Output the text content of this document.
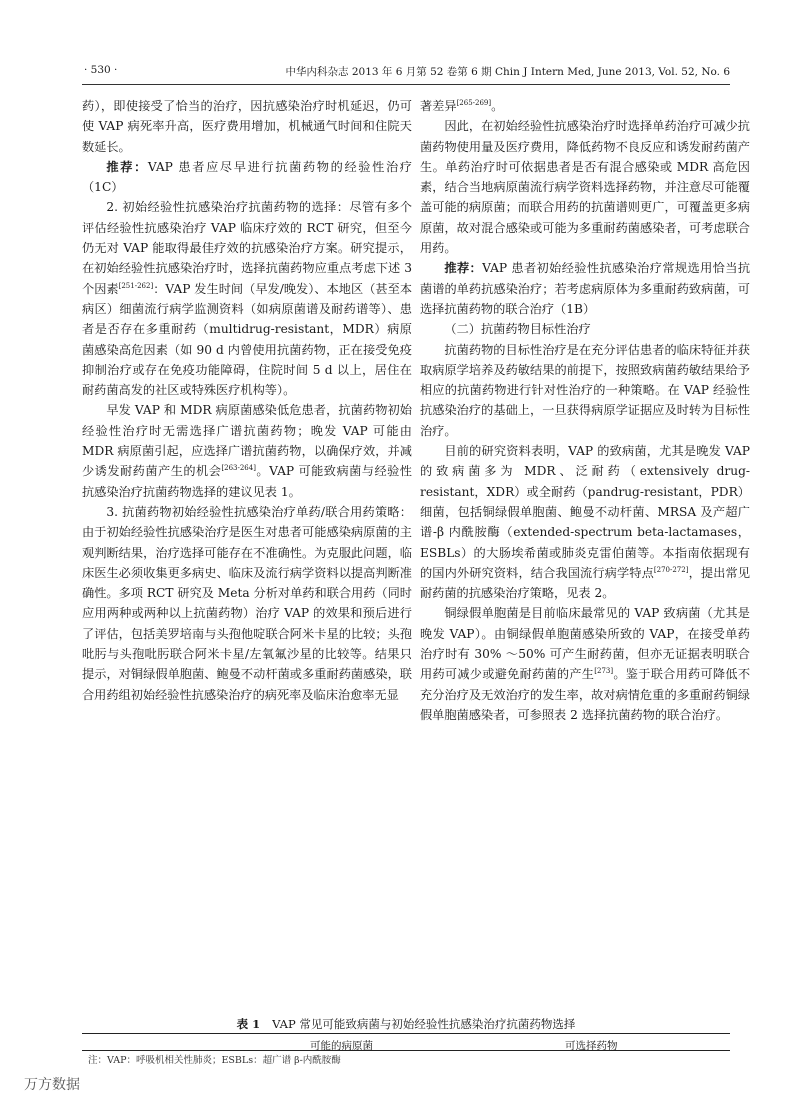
· 530 ·	中华内科杂志 2013 年 6 月第 52 卷第 6 期 Chin J Intern Med, June 2013, Vol. 52, No. 6

药），即使接受了恰当的治疗，因抗感染治疗时机延迟，仍可使 VAP 病死率升高，医疗费用增加，机械通气时间和住院天数延长。

推荐：VAP 患者应尽早进行抗菌药物的经验性治疗（1C）

2. 初始经验性抗感染治疗抗菌药物的选择：尽管有多个评估经验性抗感染治疗 VAP 临床疗效的 RCT 研究，但至今仍无对 VAP 能取得最佳疗效的抗感染治疗方案。研究提示，在初始经验性抗感染治疗时，选择抗菌药物应重点考虑下述 3 个因素[251-262]：VAP 发生时间（早发/晚发）、本地区（甚至本病区）细菌流行病学监测资料（如病原菌谱及耐药谱等）、患者是否存在多重耐药（multidrug-resistant，MDR）病原菌感染高危因素（如 90 d 内曾使用抗菌药物，正在接受免疫抑制治疗或存在免疫功能障碍，住院时间 5 d 以上，居住在耐药菌高发的社区或特殊医疗机构等）。

早发 VAP 和 MDR 病原菌感染低危患者，抗菌药物初始经验性治疗时无需选择广谱抗菌药物；晚发 VAP 可能由 MDR 病原菌引起，应选择广谱抗菌药物，以确保疗效，并减少诱发耐药菌产生的机会[263-264]。VAP 可能致病菌与经验性抗感染治疗抗菌药物选择的建议见表 1。

3. 抗菌药物初始经验性抗感染治疗单药/联合用药策略：由于初始经验性抗感染治疗是医生对患者可能感染病原菌的主观判断结果，治疗选择可能存在不准确性。为克服此问题，临床医生必须收集更多病史、临床及流行病学资料以提高判断准确性。多项 RCT 研究及 Meta 分析对单药和联合用药（同时应用两种或两种以上抗菌药物）治疗 VAP 的效果和预后进行了评估，包括美罗培南与头孢他啶联合阿米卡星的比较；头孢吡肟与头孢吡肟联合阿米卡星/左氧氟沙星的比较等。结果只提示，对铜绿假单胞菌、鲍曼不动杆菌或多重耐药菌感染，联合用药组初始经验性抗感染治疗的病死率及临床治愈率无显

著差异[265-269]。

因此，在初始经验性抗感染治疗时选择单药治疗可减少抗菌药物使用量及医疗费用，降低药物不良反应和诱发耐药菌产生。单药治疗时可依据患者是否有混合感染或 MDR 高危因素，结合当地病原菌流行病学资料选择药物，并注意尽可能覆盖可能的病原菌；而联合用药的抗菌谱则更广，可覆盖更多病原菌，故对混合感染或可能为多重耐药菌感染者，可考虑联合用药。

推荐：VAP 患者初始经验性抗感染治疗常规选用恰当抗菌谱的单药抗感染治疗；若考虑病原体为多重耐药致病菌，可选择抗菌药物的联合治疗（1B）

（二）抗菌药物目标性治疗

抗菌药物的目标性治疗是在充分评估患者的临床特征并获取病原学培养及药敏结果的前提下，按照致病菌药敏结果给予相应的抗菌药物进行针对性治疗的一种策略。在 VAP 经验性抗感染治疗的基础上，一旦获得病原学证据应及时转为目标性治疗。

目前的研究资料表明，VAP 的致病菌，尤其是晚发 VAP 的致病菌多为 MDR、泛耐药（extensively drug-resistant，XDR）或全耐药（pandrug-resistant，PDR）细菌，包括铜绿假单胞菌、鲍曼不动杆菌、MRSA 及产超广谱-β 内酰胺酶（extended-spectrum beta-lactamases，ESBLs）的大肠埃希菌或肺炎克雷伯菌等。本指南依据现有的国内外研究资料，结合我国流行病学特点[270-272]，提出常见耐药菌的抗感染治疗策略，见表 2。

铜绿假单胞菌是目前临床最常见的 VAP 致病菌（尤其是晚发 VAP）。由铜绿假单胞菌感染所致的 VAP，在接受单药治疗时有 30% ～50% 可产生耐药菌，但亦无证据表明联合用药可减少或避免耐药菌的产生[273]。鉴于联合用药可降低不充分治疗及无效治疗的发生率，故对病情危重的多重耐药铜绿假单胞菌感染者，可参照表 2 选择抗菌药物的联合治疗。

表 1 VAP 常见可能致病菌与初始经验性抗感染治疗抗菌药物选择
可能的病原菌	可选择药物
注：VAP：呼吸机相关性肺炎；ESBLs：超广谱 β-内酰胺酶
万方数据
